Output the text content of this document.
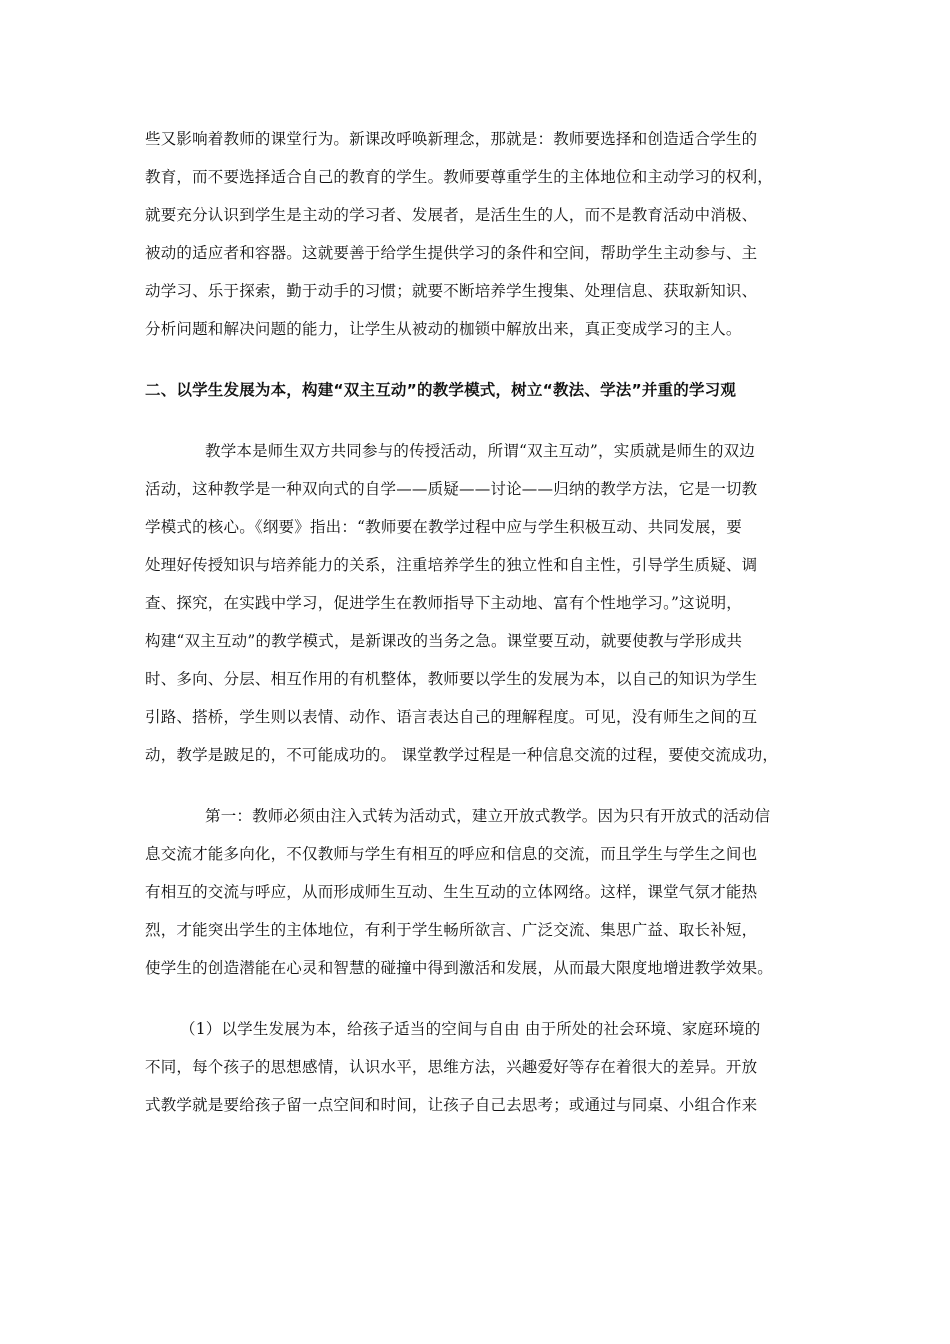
些又影响着教师的课堂行为。新课改呼唤新理念，那就是：教师要选择和创造适合学生的
教育，而不要选择适合自己的教育的学生。教师要尊重学生的主体地位和主动学习的权利，
就要充分认识到学生是主动的学习者、发展者，是活生生的人，而不是教育活动中消极、
被动的适应者和容器。这就要善于给学生提供学习的条件和空间，帮助学生主动参与、主
动学习、乐于探索，勤于动手的习惯；就要不断培养学生搜集、处理信息、获取新知识、
分析问题和解决问题的能力，让学生从被动的枷锁中解放出来，真正变成学习的主人。
二、以学生发展为本，构建“双主互动”的教学模式，树立“教法、学法”并重的学习观
教学本是师生双方共同参与的传授活动，所谓“双主互动”，实质就是师生的双边
活动，这种教学是一种双向式的自学——质疑——讨论——归纳的教学方法，它是一切教
学模式的核心。《纲要》指出：“教师要在教学过程中应与学生积极互动、共同发展，要
处理好传授知识与培养能力的关系，注重培养学生的独立性和自主性，引导学生质疑、调
查、探究，在实践中学习，促进学生在教师指导下主动地、富有个性地学习。”这说明，
构建“双主互动”的教学模式，是新课改的当务之急。课堂要互动，就要使教与学形成共
时、多向、分层、相互作用的有机整体，教师要以学生的发展为本，以自己的知识为学生
引路、搭桥，学生则以表情、动作、语言表达自己的理解程度。可见，没有师生之间的互
动，教学是跛足的，不可能成功的。 课堂教学过程是一种信息交流的过程，要使交流成功，
第一：教师必须由注入式转为活动式，建立开放式教学。因为只有开放式的活动信
息交流才能多向化，不仅教师与学生有相互的呼应和信息的交流，而且学生与学生之间也
有相互的交流与呼应，从而形成师生互动、生生互动的立体网络。这样，课堂气氛才能热
烈，才能突出学生的主体地位，有利于学生畅所欲言、广泛交流、集思广益、取长补短，
使学生的创造潜能在心灵和智慧的碰撞中得到激活和发展，从而最大限度地增进教学效果。
（1）以学生发展为本，给孩子适当的空间与自由 由于所处的社会环境、家庭环境的
不同，每个孩子的思想感情，认识水平，思维方法，兴趣爱好等存在着很大的差异。开放
式教学就是要给孩子留一点空间和时间，让孩子自己去思考；或通过与同桌、小组合作来
